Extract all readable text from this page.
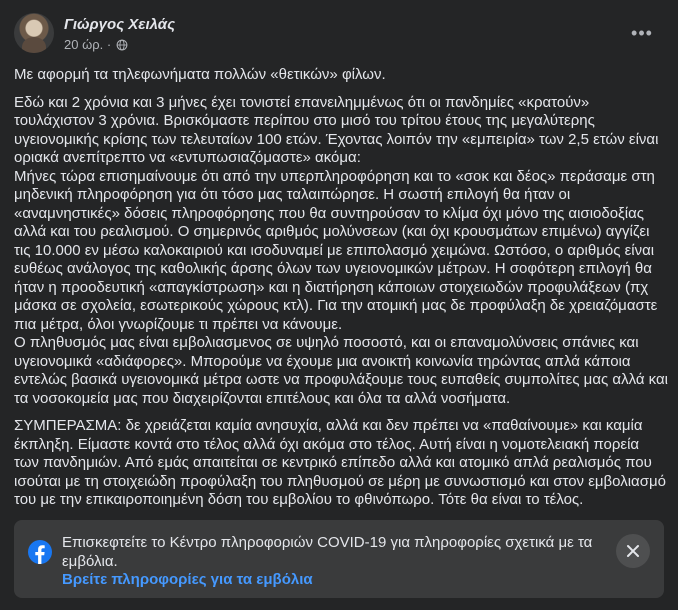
Γιώργος Χειλάς
20 ώρ. ·
•••

Με αφορμή τα τηλεφωνήματα πολλών «θετικών» φίλων.

Εδώ και 2 χρόνια και 3 μήνες έχει τονιστεί επανειλημμένως ότι οι πανδημίες «κρατούν» τουλάχιστον 3 χρόνια. Βρισκόμαστε περίπου στο μισό του τρίτου έτους της μεγαλύτερης υγειονομικής κρίσης των τελευταίων 100 ετών. Έχοντας λοιπόν την «εμπειρία» των 2,5 ετών είναι οριακά ανεπίτρεπτο να «εντυπωσιαζόμαστε» ακόμα:

Μήνες τώρα επισημαίνουμε ότι από την υπερπληροφόρηση και το «σοκ και δέος» περάσαμε στη μηδενική πληροφόρηση για ότι τόσο μας ταλαιπώρησε. Η σωστή επιλογή θα ήταν οι «αναμνηστικές» δόσεις πληροφόρησης που θα συντηρούσαν το κλίμα όχι μόνο της αισιοδοξίας αλλά και του ρεαλισμού. Ο σημερινός αριθμός μολύνσεων (και όχι κρουσμάτων επιμένω) αγγίζει τις 10.000 εν μέσω καλοκαιριού και ισοδυναμεί με επιπολασμό χειμώνα. Ωστόσο, ο αριθμός είναι ευθέως ανάλογος της καθολικής άρσης όλων των υγειονομικών μέτρων. Η σοφότερη επιλογή θα ήταν η προοδευτική «απαγκίστρωση» και η διατήρηση κάποιων στοιχειωδών προφυλάξεων (πχ μάσκα σε σχολεία, εσωτερικούς χώρους κτλ). Για την ατομική μας δε προφύλαξη δε χρειαζόμαστε πια μέτρα, όλοι γνωρίζουμε τι πρέπει να κάνουμε.

Ο πληθυσμός μας είναι εμβολιασμενος σε υψηλό ποσοστό, και οι επαναμολύνσεις σπάνιες και υγειονομικά «αδιάφορες». Μπορούμε να έχουμε μια ανοικτή κοινωνία τηρώντας απλά κάποια εντελώς βασικά υγειονομικά μέτρα ωστε να προφυλάξουμε τους ευπαθείς συμπολίτες μας αλλά και τα νοσοκομεία μας που διαχειρίζονται επιτέλους και όλα τα αλλά νοσήματα.

ΣΥΜΠΕΡΑΣΜΑ: δε χρειάζεται καμία ανησυχία, αλλά και δεν πρέπει να «παθαίνουμε» και καμία έκπληξη. Είμαστε κοντά στο τέλος αλλά όχι ακόμα στο τέλος. Αυτή είναι η νομοτελειακή πορεία των πανδημιών. Από εμάς απαιτείται σε κεντρικό επίπεδο αλλά και ατομικό απλά ρεαλισμός που ισούται με τη στοιχειώδη προφύλαξη του πληθυσμού σε μέρη με συνωστισμό και στον εμβολιασμό του με την επικαιροποιημένη δόση του εμβολίου το φθινόπωρο. Τότε θα είναι το τέλος.

Επισκεφτείτε το Κέντρο πληροφοριών COVID-19 για πληροφορίες σχετικά με τα εμβόλια.
Βρείτε πληροφορίες για τα εμβόλια
